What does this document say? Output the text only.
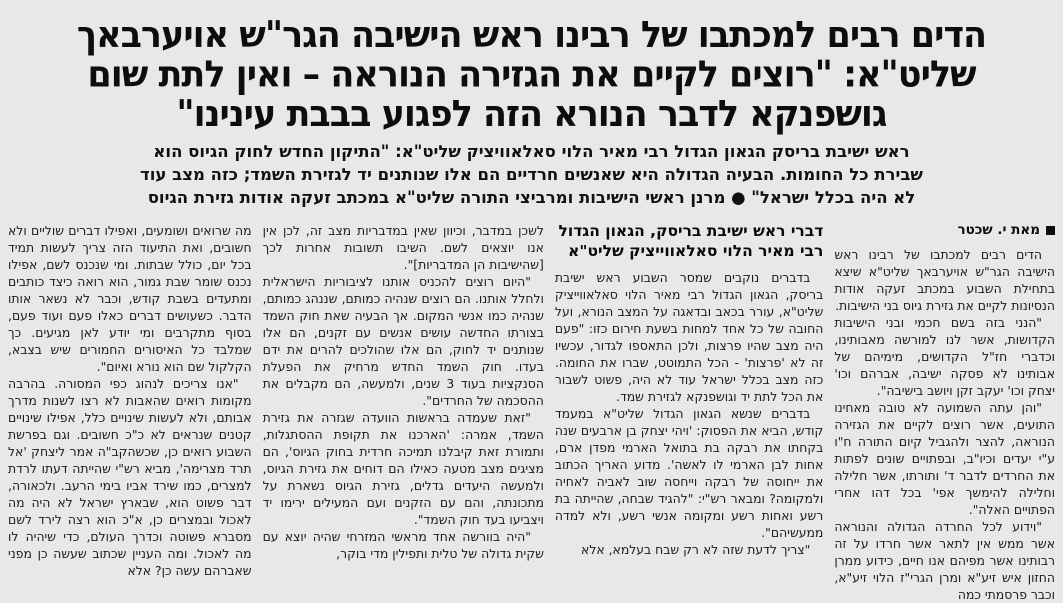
הדים רבים למכתבו של רבינו ראש הישיבה הגר"ש אויערבאך
שליט"א: "רוצים לקיים את הגזירה הנוראה – ואין לתת שום
גושפנקא לדבר הנורא הזה לפגוע בבבת עינינו"
ראש ישיבת בריסק הגאון הגדול רבי מאיר הלוי סאלאוויציק שליט"א: "התיקון החדש לחוק הגיוס הוא
שבירת כל החומות. הבעיה הגדולה היא שאנשים חרדיים הם אלו שנותנים יד לגזירת השמד; כזה מצב עוד
לא היה בכלל ישראל" ● מרנן ראשי הישיבות ומרביצי התורה שליט"א במכתב זעקה אודות גזירת הגיוס
מאת י. שכטר

הדים רבים למכתבו של רבינו ראש הישיבה הגר"ש אויערבאך שליט"א שיצא בתחילת השבוע במכתב זעקה אודות הנסיונות לקיים את גזירת גיוס בני הישיבות.

"הנני בזה בשם חכמי ובני הישיבות הקדושות, אשר לנו למורשה מאבותינו, וכדברי חז"ל הקדושים, מימיהם של אבותינו לא פסקה ישיבה, אברהם וכו' יצחק וכו' יעקב זקן ויושב בישיבה".

"והן עתה השמועה לא טובה מאחינו התועים, אשר רוצים לקיים את הגזירה הנוראה, להצר ולהגביל קיום התורה ח"ו ע"י יעדים וכיו"ב, ובפתויים שונים לפתות את החרדים לדבר ד' ותורתו, אשר חלילה וחלילה להימשך אפי' בכל דהו אחרי הפתויים האלה".

"וידוע לכל החרדה הגדולה והנוראה אשר ממש אין לתאר אשר חרדו על זה רבותינו אשר מפיהם אנו חיים, כידוע ממרן החזון איש זיע"א ומרן הגרי"ז הלוי זיע"א, וכבר פרסמתי כמה

דברי ראש ישיבת בריסק, הגאון הגדול
רבי מאיר הלוי סאלאווייציק שליט"א

בדברים נוקבים שמסר השבוע ראש ישיבת בריסק, הגאון הגדול רבי מאיר הלוי סאלאווייציק שליט"א, עורר בכאב ובדאגה על המצב הנורא, ועל החובה של כל אחד למחות בשעת חירום כזו: "פעם היה מצב שהיו פרצות, ולכן התאספו לגדור, עכשיו זה לא 'פרצות' - הכל התמוטט, שברו את החומה. כזה מצב בכלל ישראל עוד לא היה, פשוט לשבור את הכל לתת יד וגושפנקא לגזירת שמד.

בדברים שנשא הגאון הגדול שליט"א במעמד קודש, הביא את הפסוק: 'ויהי יצחק בן ארבעים שנה בקחתו את רבקה בת בתואל הארמי מפדן ארם, אחות לבן הארמי לו לאשה'. מדוע האריך הכתוב את ייחוסה של רבקה וייחסה שוב לאביה לאחיה ולמקומה? ומבאר רש"י: "להגיד שבחה, שהייתה בת רשע ואחות רשע ומקומה אנשי רשע, ולא למדה ממעשיהם".

"צריך לדעת שזה לא רק שבח בעלמא, אלא

לשכן במדבר, וכיוון שאין במדבריות מצב זה, לכן אין אנו יוצאים לשם. השיבו תשובות אחרות לכך [שהישיבות הן המדבריות]".

"היום רוצים להכניס אותנו לציבוריות הישראלית ולחלל אותנו. הם רוצים שנהיה כמותם, שננהג כמותם, שנהיה כמו אנשי המקום. אך הבעיה שאת חוק השמד בצורתו החדשה עושים אנשים עם זקנים, הם אלו שנותנים יד לחוק, הם אלו שהולכים להרים את ידם בעדו. חוק השמד החדש מרחיק את הפעלת הסנקציות בעוד 3 שנים, ולמעשה, הם מקבלים את ההסכמה של החרדים".

"זאת שעמדה בראשות הוועדה שגזרה את גזירת השמד, אמרה: 'הארכנו את תקופת ההסתגלות, ותמורת זאת קיבלנו תמיכה חרדית בחוק הגיוס', הם מציגים מצב מטעה כאילו הם דוחים את גזירת הגיוס, ולמעשה היעדים גדלים, גזירת הגיוס נשארת על מתכונתה, והם עם הזקנים ועם המעילים ירימו יד ויצביעו בעד חוק השמד".

"היה בוורשה אחד מראשי המזרחי שהיה יוצא עם שקית גדולה של טלית ותפילין מדי בוקר,

מה שרואים ושומעים, ואפילו דברים שוליים ולא חשובים, ואת התיעוד הזה צריך לעשות תמיד בכל יום, כולל שבתות. ומי שנכנס לשם, אפילו נכנס שומר שבת גמור, הוא רואה כיצד כותבים ומתעדים בשבת קודש, וכבר לא נשאר אותו הדבר. כשעושים דברים כאלו פעם ועוד פעם, בסוף מתקרבים ומי יודע לאן מגיעים. כך שמלבד כל האיסורים החמורים שיש בצבא, הקלקול שם הוא נורא ואיום".

"אנו צריכים לנהוג כפי המסורה. בהרבה מקומות רואים שהאבות לא רצו לשנות מדרך אבותם, ולא לעשות שינויים כלל, אפילו שינויים קטנים שנראים לא כ"כ חשובים. וגם בפרשת השבוע רואים כן, שכשהקב"ה אמר ליצחק 'אל תרד מצרימה', מביא רש"י שהייתה דעתו לרדת למצרים, כמו שירד אביו בימי הרעב. ולכאורה, דבר פשוט הוא, שבארץ ישראל לא היה מה לאכול ובמצרים כן, א"כ הוא רצה לירד לשם מסברא פשוטה וכדרך העולם, כדי שיהיה לו מה לאכול. ומה העניין שכתוב שעשה כן מפני שאברהם עשה כן? אלא
